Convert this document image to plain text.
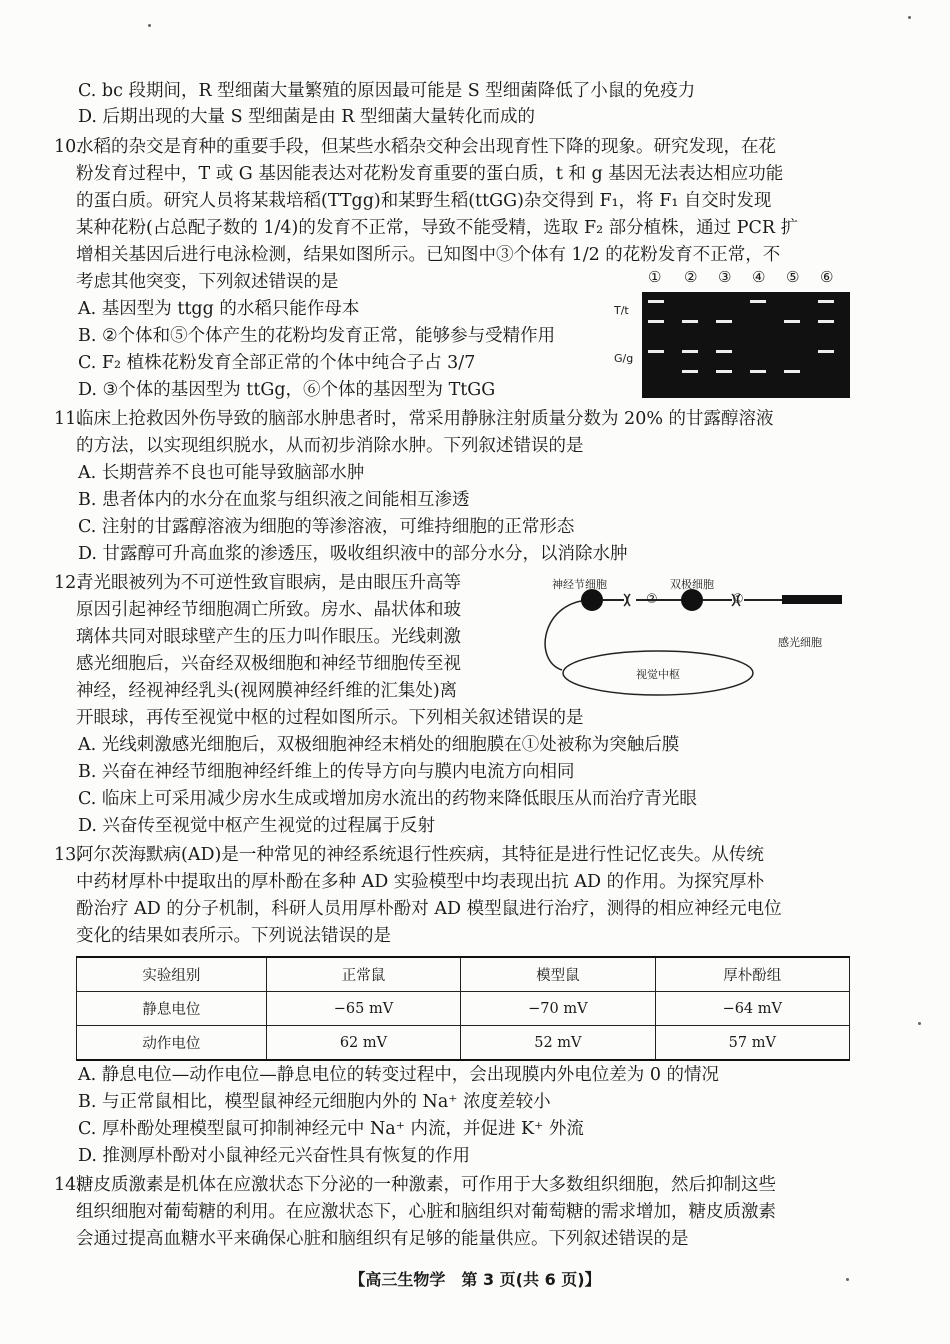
C. bc 段期间，R 型细菌大量繁殖的原因最可能是 S 型细菌降低了小鼠的免疫力
D. 后期出现的大量 S 型细菌是由 R 型细菌大量转化而成的
10.水稻的杂交是育种的重要手段，但某些水稻杂交种会出现育性下降的现象。研究发现，在花
粉发育过程中，T 或 G 基因能表达对花粉发育重要的蛋白质，t 和 g 基因无法表达相应功能
的蛋白质。研究人员将某栽培稻(TTgg)和某野生稻(ttGG)杂交得到 F₁，将 F₁ 自交时发现
某种花粉(占总配子数的 1/4)的发育不正常，导致不能受精，选取 F₂ 部分植株，通过 PCR 扩
增相关基因后进行电泳检测，结果如图所示。已知图中③个体有 1/2 的花粉发育不正常，不
考虑其他突变，下列叙述错误的是
A. 基因型为 ttgg 的水稻只能作母本
B. ②个体和⑤个体产生的花粉均发育正常，能够参与受精作用
C. F₂ 植株花粉发育全部正常的个体中纯合子占 3/7
D. ③个体的基因型为 ttGg，⑥个体的基因型为 TtGG
11.临床上抢救因外伤导致的脑部水肿患者时，常采用静脉注射质量分数为 20% 的甘露醇溶液
的方法，以实现组织脱水，从而初步消除水肿。下列叙述错误的是
A. 长期营养不良也可能导致脑部水肿
B. 患者体内的水分在血浆与组织液之间能相互渗透
C. 注射的甘露醇溶液为细胞的等渗溶液，可维持细胞的正常形态
D. 甘露醇可升高血浆的渗透压，吸收组织液中的部分水分，以消除水肿
12.青光眼被列为不可逆性致盲眼病，是由眼压升高等
原因引起神经节细胞凋亡所致。房水、晶状体和玻
璃体共同对眼球壁产生的压力叫作眼压。光线刺激
感光细胞后，兴奋经双极细胞和神经节细胞传至视
神经，经视神经乳头(视网膜神经纤维的汇集处)离
开眼球，再传至视觉中枢的过程如图所示。下列相关叙述错误的是
A. 光线刺激感光细胞后，双极细胞神经末梢处的细胞膜在①处被称为突触后膜
B. 兴奋在神经节细胞神经纤维上的传导方向与膜内电流方向相同
C. 临床上可采用减少房水生成或增加房水流出的药物来降低眼压从而治疗青光眼
D. 兴奋传至视觉中枢产生视觉的过程属于反射
13.阿尔茨海默病(AD)是一种常见的神经系统退行性疾病，其特征是进行性记忆丧失。从传统
中药材厚朴中提取出的厚朴酚在多种 AD 实验模型中均表现出抗 AD 的作用。为探究厚朴
酚治疗 AD 的分子机制，科研人员用厚朴酚对 AD 模型鼠进行治疗，测得的相应神经元电位
变化的结果如表所示。下列说法错误的是
A. 静息电位—动作电位—静息电位的转变过程中，会出现膜内外电位差为 0 的情况
B. 与正常鼠相比，模型鼠神经元细胞内外的 Na⁺ 浓度差较小
C. 厚朴酚处理模型鼠可抑制神经元中 Na⁺ 内流，并促进 K⁺ 外流
D. 推测厚朴酚对小鼠神经元兴奋性具有恢复的作用
14.糖皮质激素是机体在应激状态下分泌的一种激素，可作用于大多数组织细胞，然后抑制这些
组织细胞对葡萄糖的利用。在应激状态下，心脏和脑组织对葡萄糖的需求增加，糖皮质激素
会通过提高血糖水平来确保心脏和脑组织有足够的能量供应。下列叙述错误的是
① ② ③ ④ ⑤ ⑥
T/t
G/g
神经节细胞	双极细胞
②	①
感光细胞
视觉中枢
实验组别	正常鼠	模型鼠	厚朴酚组
静息电位	−65 mV	−70 mV	−64 mV
动作电位	62 mV	52 mV	57 mV
【高三生物学　第 3 页(共 6 页)】
